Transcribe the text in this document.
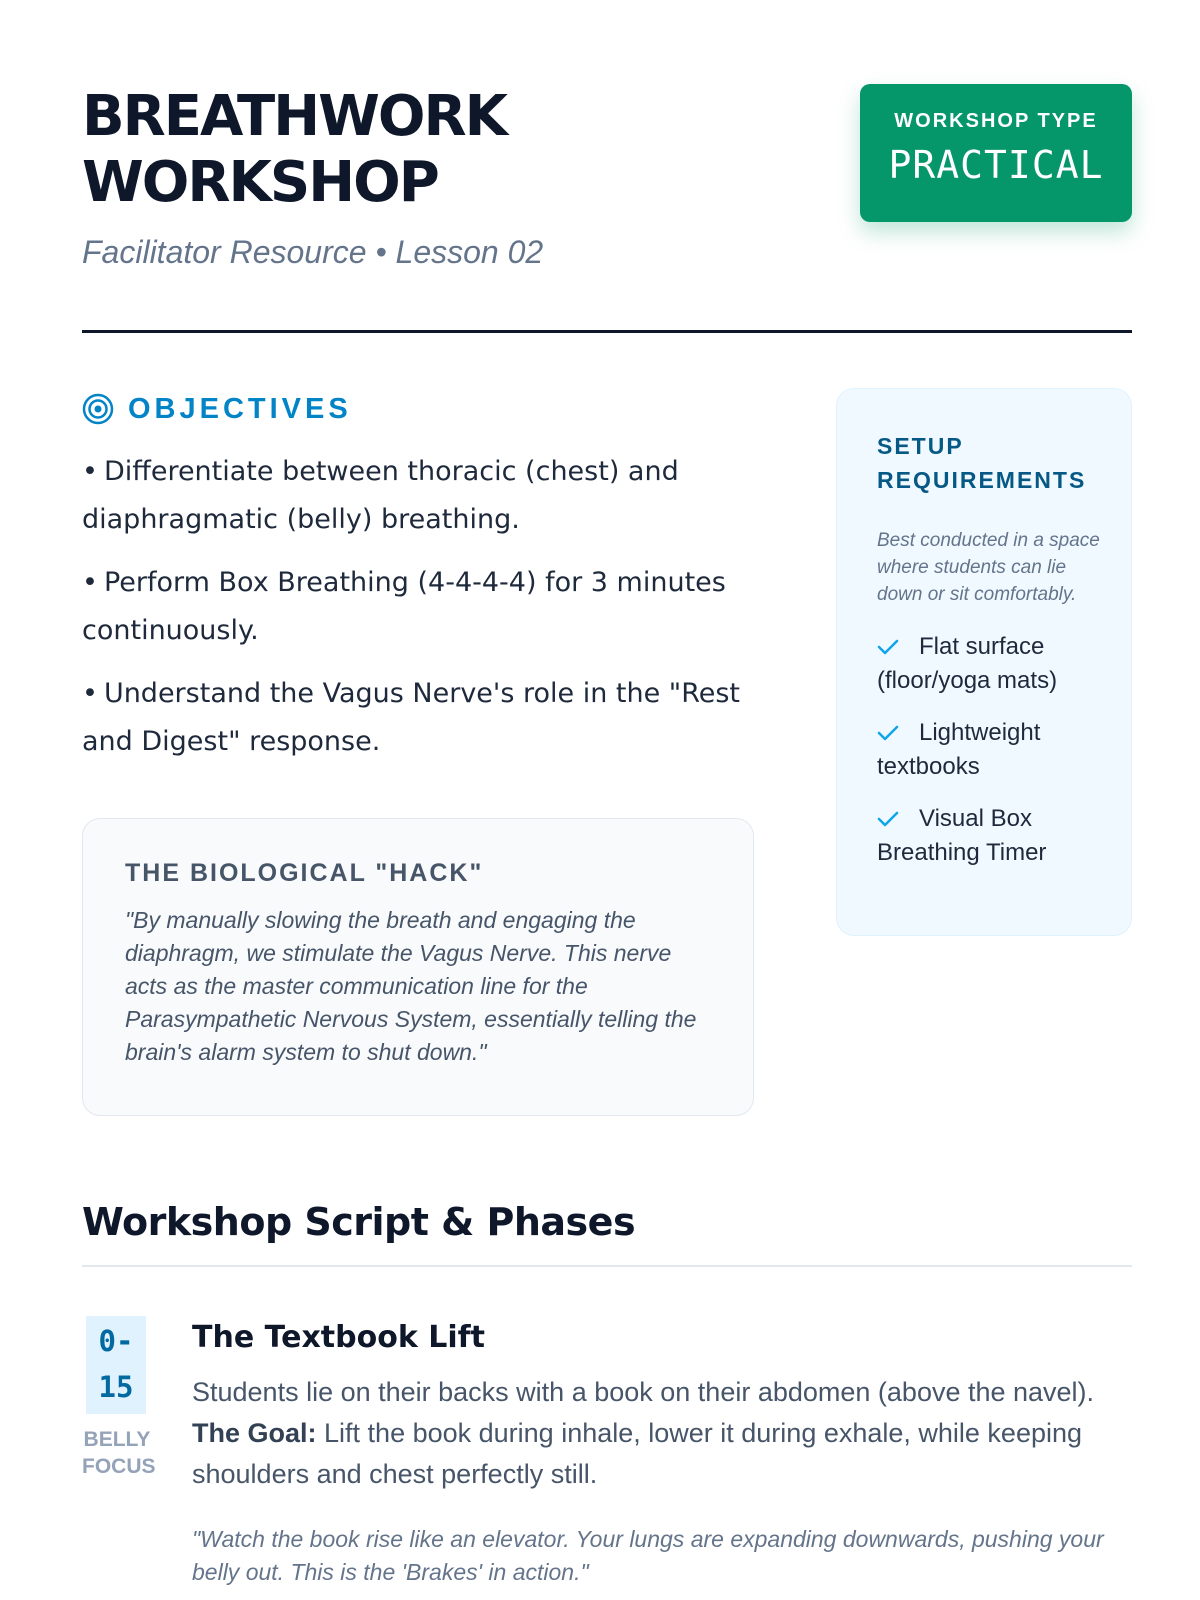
BREATHWORK
WORKSHOP
Facilitator Resource • Lesson 02
WORKSHOP TYPE
PRACTICAL
OBJECTIVES
• Differentiate between thoracic (chest) and diaphragmatic (belly) breathing.
• Perform Box Breathing (4-4-4-4) for 3 minutes continuously.
• Understand the Vagus Nerve's role in the "Rest and Digest" response.
THE BIOLOGICAL "HACK"

"By manually slowing the breath and engaging the diaphragm, we stimulate the Vagus Nerve. This nerve acts as the master communication line for the Parasympathetic Nervous System, essentially telling the brain's alarm system to shut down."

SETUP REQUIREMENTS

Best conducted in a space where students can lie down or sit comfortably.

Flat surface (floor/yoga mats)
Lightweight textbooks
Visual Box Breathing Timer
Workshop Script & Phases
0-
15
BELLY
FOCUS
The Textbook Lift

Students lie on their backs with a book on their abdomen (above the navel). The Goal: Lift the book during inhale, lower it during exhale, while keeping shoulders and chest perfectly still.

"Watch the book rise like an elevator. Your lungs are expanding downwards, pushing your belly out. This is the 'Brakes' in action."
